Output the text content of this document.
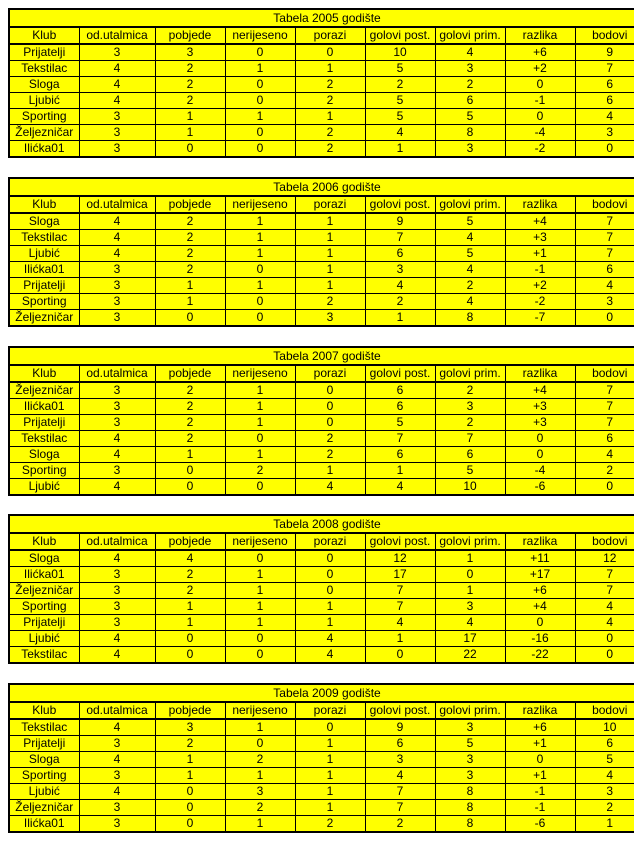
Tabela 2005 godište								
Klub	od.utalmica	pobjede	nerijeseno	porazi	golovi post.	golovi prim.	razlika	bodovi
Prijatelji	3	3	0	0	10	4	+6	9
Tekstilac	4	2	1	1	5	3	+2	7
Sloga	4	2	0	2	2	2	0	6
Ljubić	4	2	0	2	5	6	-1	6
Sporting	3	1	1	1	5	5	0	4
Željezničar	3	1	0	2	4	8	-4	3
Ilićka01	3	0	0	2	1	3	-2	0
Tabela 2006 godište								
Klub	od.utalmica	pobjede	nerijeseno	porazi	golovi post.	golovi prim.	razlika	bodovi
Sloga	4	2	1	1	9	5	+4	7
Tekstilac	4	2	1	1	7	4	+3	7
Ljubić	4	2	1	1	6	5	+1	7
Ilićka01	3	2	0	1	3	4	-1	6
Prijatelji	3	1	1	1	4	2	+2	4
Sporting	3	1	0	2	2	4	-2	3
Željezničar	3	0	0	3	1	8	-7	0
Tabela 2007 godište								
Klub	od.utalmica	pobjede	nerijeseno	porazi	golovi post.	golovi prim.	razlika	bodovi
Željezničar	3	2	1	0	6	2	+4	7
Ilićka01	3	2	1	0	6	3	+3	7
Prijatelji	3	2	1	0	5	2	+3	7
Tekstilac	4	2	0	2	7	7	0	6
Sloga	4	1	1	2	6	6	0	4
Sporting	3	0	2	1	1	5	-4	2
Ljubić	4	0	0	4	4	10	-6	0
Tabela 2008 godište								
Klub	od.utalmica	pobjede	nerijeseno	porazi	golovi post.	golovi prim.	razlika	bodovi
Sloga	4	4	0	0	12	1	+11	12
Ilićka01	3	2	1	0	17	0	+17	7
Željezničar	3	2	1	0	7	1	+6	7
Sporting	3	1	1	1	7	3	+4	4
Prijatelji	3	1	1	1	4	4	0	4
Ljubić	4	0	0	4	1	17	-16	0
Tekstilac	4	0	0	4	0	22	-22	0
Tabela 2009 godište								
Klub	od.utalmica	pobjede	nerijeseno	porazi	golovi post.	golovi prim.	razlika	bodovi
Tekstilac	4	3	1	0	9	3	+6	10
Prijatelji	3	2	0	1	6	5	+1	6
Sloga	4	1	2	1	3	3	0	5
Sporting	3	1	1	1	4	3	+1	4
Ljubić	4	0	3	1	7	8	-1	3
Željezničar	3	0	2	1	7	8	-1	2
Ilićka01	3	0	1	2	2	8	-6	1
